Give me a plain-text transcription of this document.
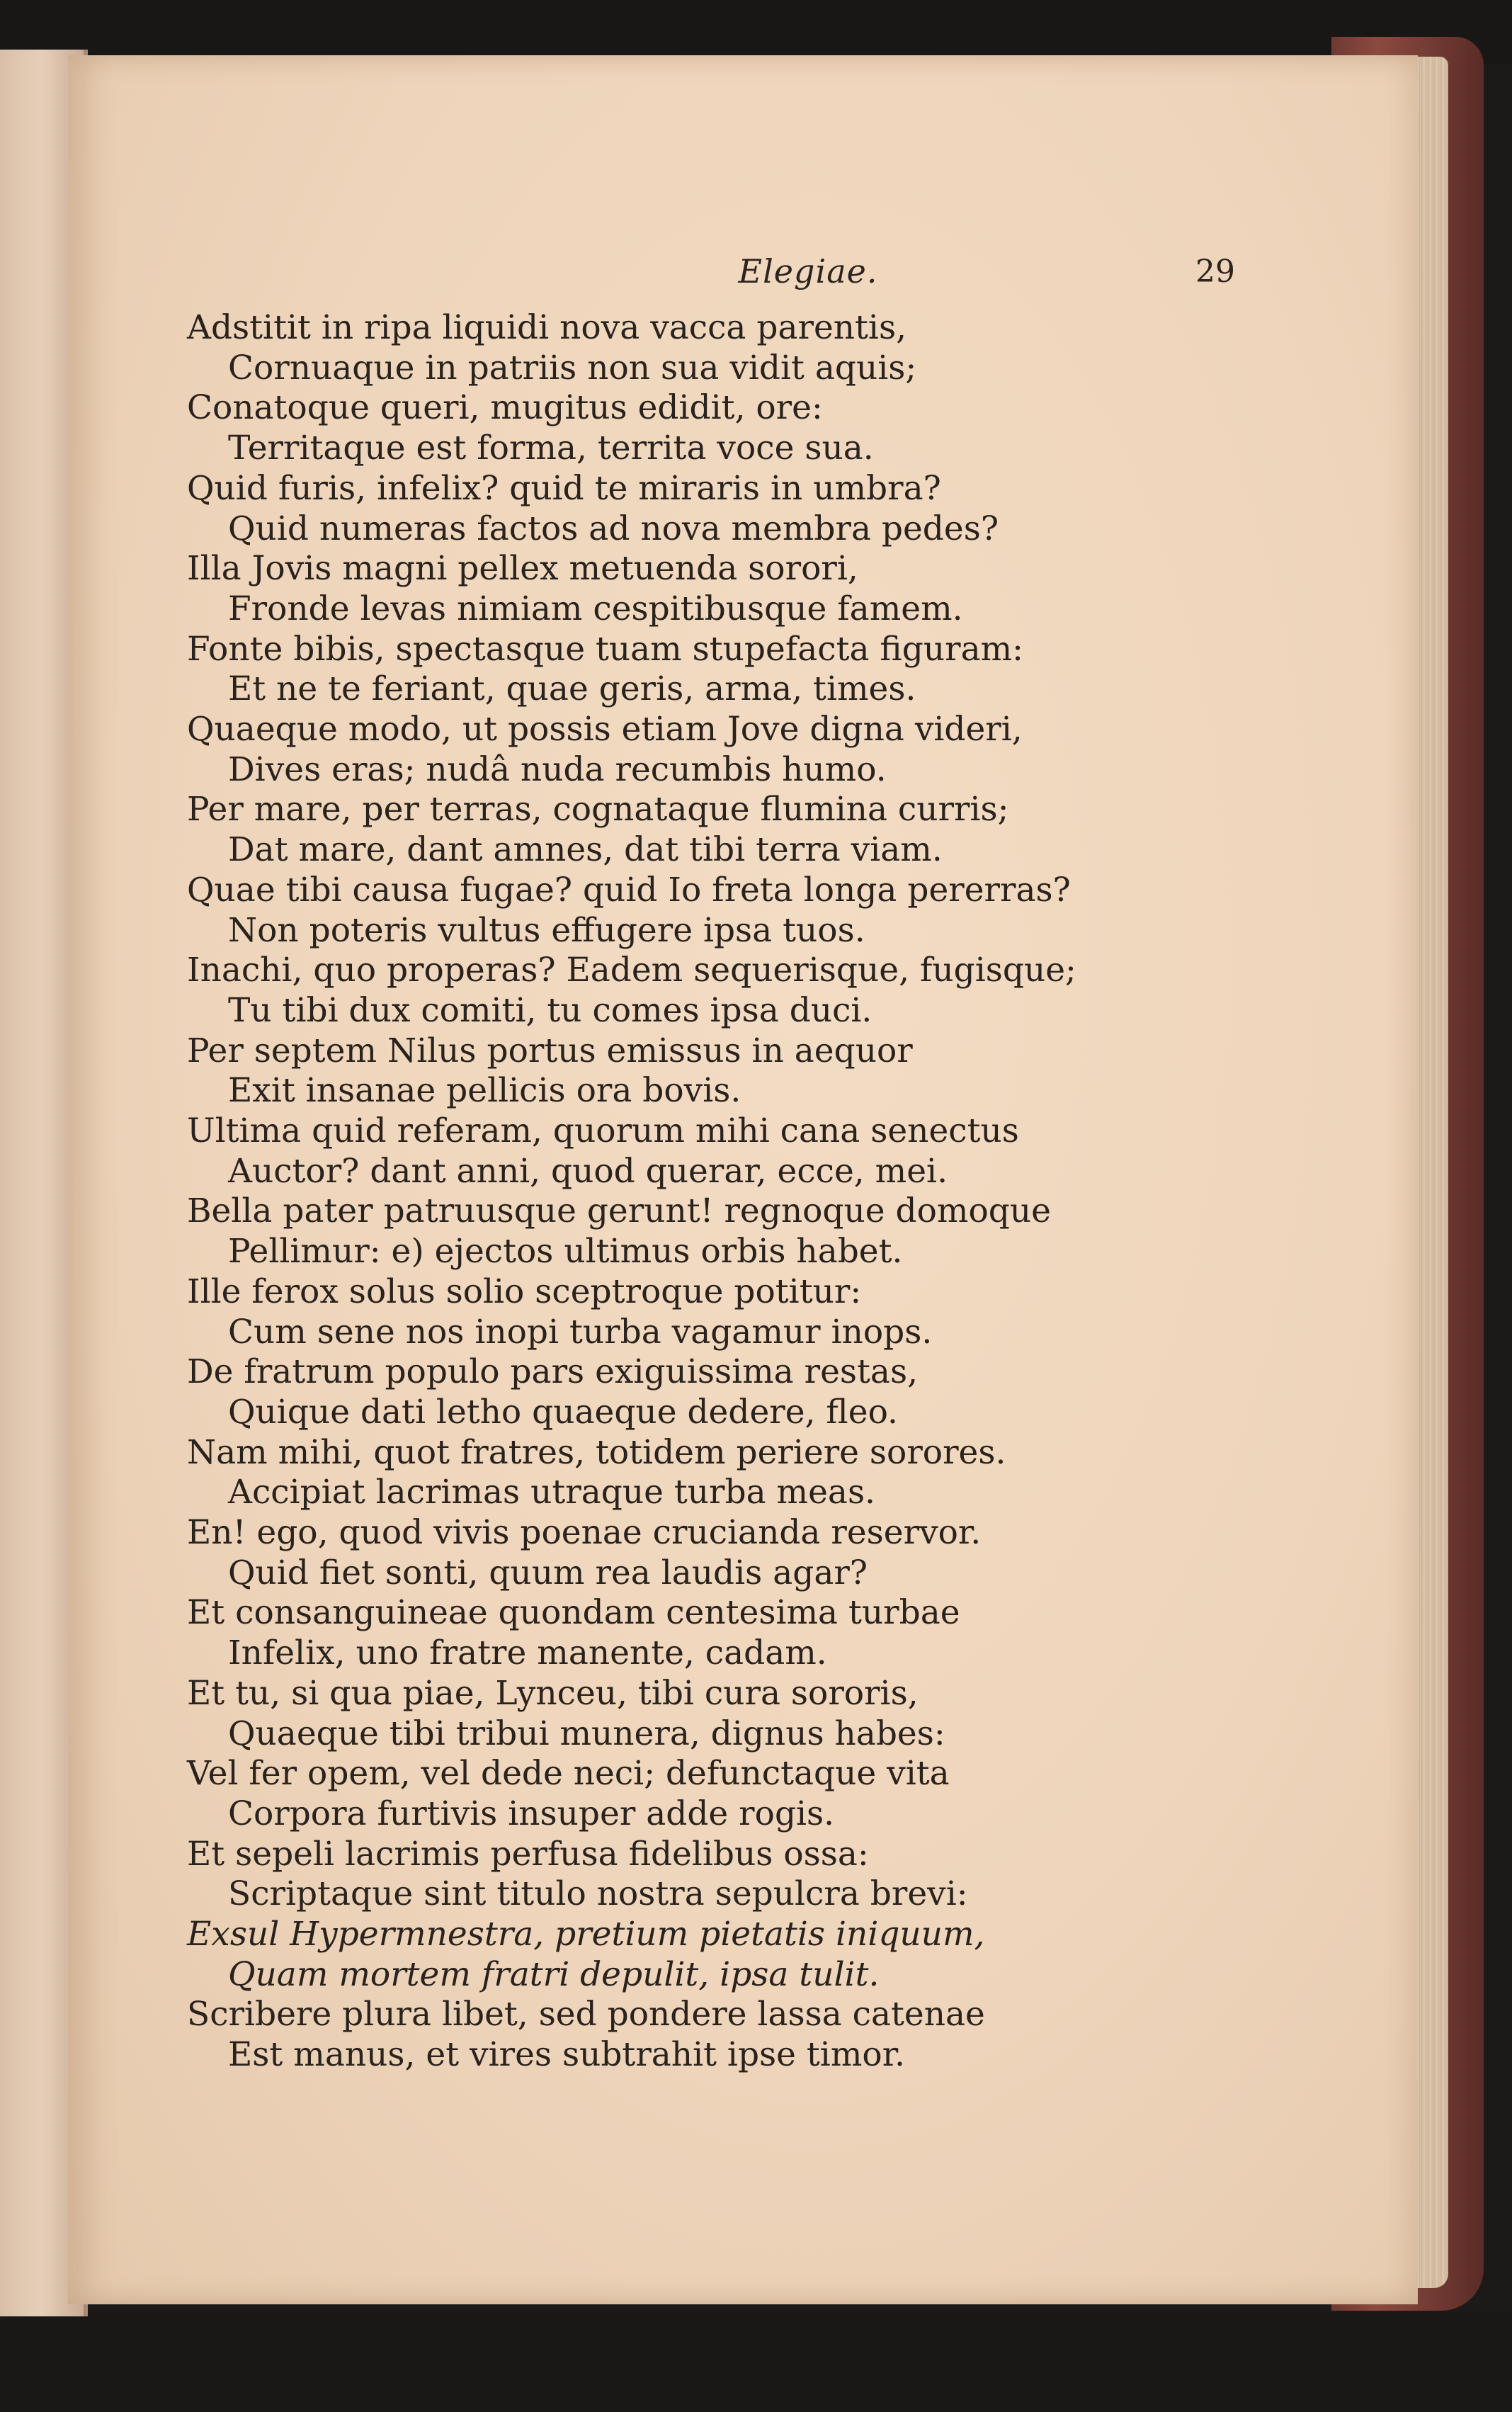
Elegiae.	29
Adstitit in ripa liquidi nova vacca parentis,
Cornuaque in patriis non sua vidit aquis;
Conatoque queri, mugitus edidit, ore:
Territaque est forma, territa voce sua.
Quid furis, infelix? quid te miraris in umbra?
Quid numeras factos ad nova membra pedes?
Illa Jovis magni pellex metuenda sorori,
Fronde levas nimiam cespitibusque famem.
Fonte bibis, spectasque tuam stupefacta figuram:
Et ne te feriant, quae geris, arma, times.
Quaeque modo, ut possis etiam Jove digna videri,
Dives eras; nudâ nuda recumbis humo.
Per mare, per terras, cognataque flumina curris;
Dat mare, dant amnes, dat tibi terra viam.
Quae tibi causa fugae? quid Io freta longa pererras?
Non poteris vultus effugere ipsa tuos.
Inachi, quo properas? Eadem sequerisque, fugisque;
Tu tibi dux comiti, tu comes ipsa duci.
Per septem Nilus portus emissus in aequor
Exit insanae pellicis ora bovis.
Ultima quid referam, quorum mihi cana senectus
Auctor? dant anni, quod querar, ecce, mei.
Bella pater patruusque gerunt! regnoque domoque
Pellimur: e) ejectos ultimus orbis habet.
Ille ferox solus solio sceptroque potitur:
Cum sene nos inopi turba vagamur inops.
De fratrum populo pars exiguissima restas,
Quique dati letho quaeque dedere, fleo.
Nam mihi, quot fratres, totidem periere sorores.
Accipiat lacrimas utraque turba meas.
En! ego, quod vivis poenae crucianda reservor.
Quid fiet sonti, quum rea laudis agar?
Et consanguineae quondam centesima turbae
Infelix, uno fratre manente, cadam.
Et tu, si qua piae, Lynceu, tibi cura sororis,
Quaeque tibi tribui munera, dignus habes:
Vel fer opem, vel dede neci; defunctaque vita
Corpora furtivis insuper adde rogis.
Et sepeli lacrimis perfusa fidelibus ossa:
Scriptaque sint titulo nostra sepulcra brevi:
Exsul Hypermnestra, pretium pietatis iniquum,
Quam mortem fratri depulit, ipsa tulit.
Scribere plura libet, sed pondere lassa catenae
Est manus, et vires subtrahit ipse timor.
